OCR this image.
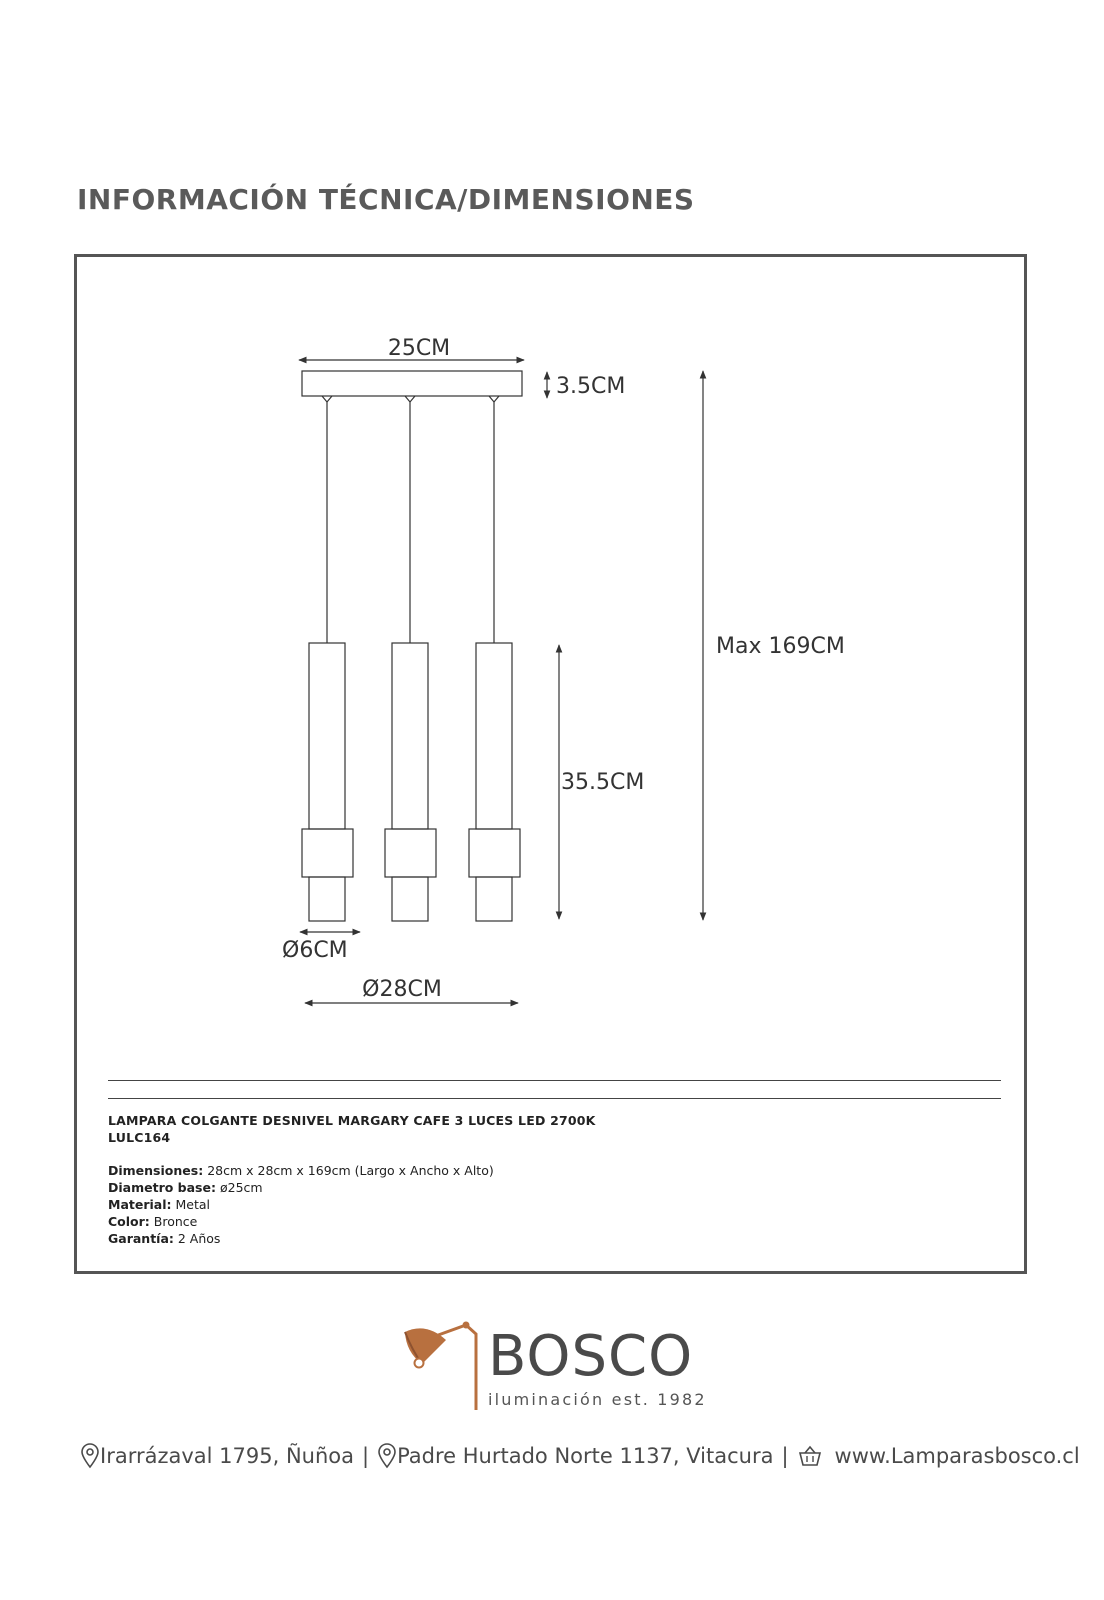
INFORMACIÓN TÉCNICA/DIMENSIONES
25CM
3.5CM
35.5CM
Max 169CM
Ø6CM
Ø28CM
LAMPARA COLGANTE DESNIVEL MARGARY CAFE 3 LUCES LED 2700K
LULC164
Dimensiones: 28cm x 28cm x 169cm (Largo x Ancho x Alto)
Diametro base: ø25cm
Material: Metal
Color: Bronce
Garantía: 2 Años
BOSCO
iluminación est. 1982
Irarrázaval 1795, Ñuñoa | Padre Hurtado Norte 1137, Vitacura | www.Lamparasbosco.cl
